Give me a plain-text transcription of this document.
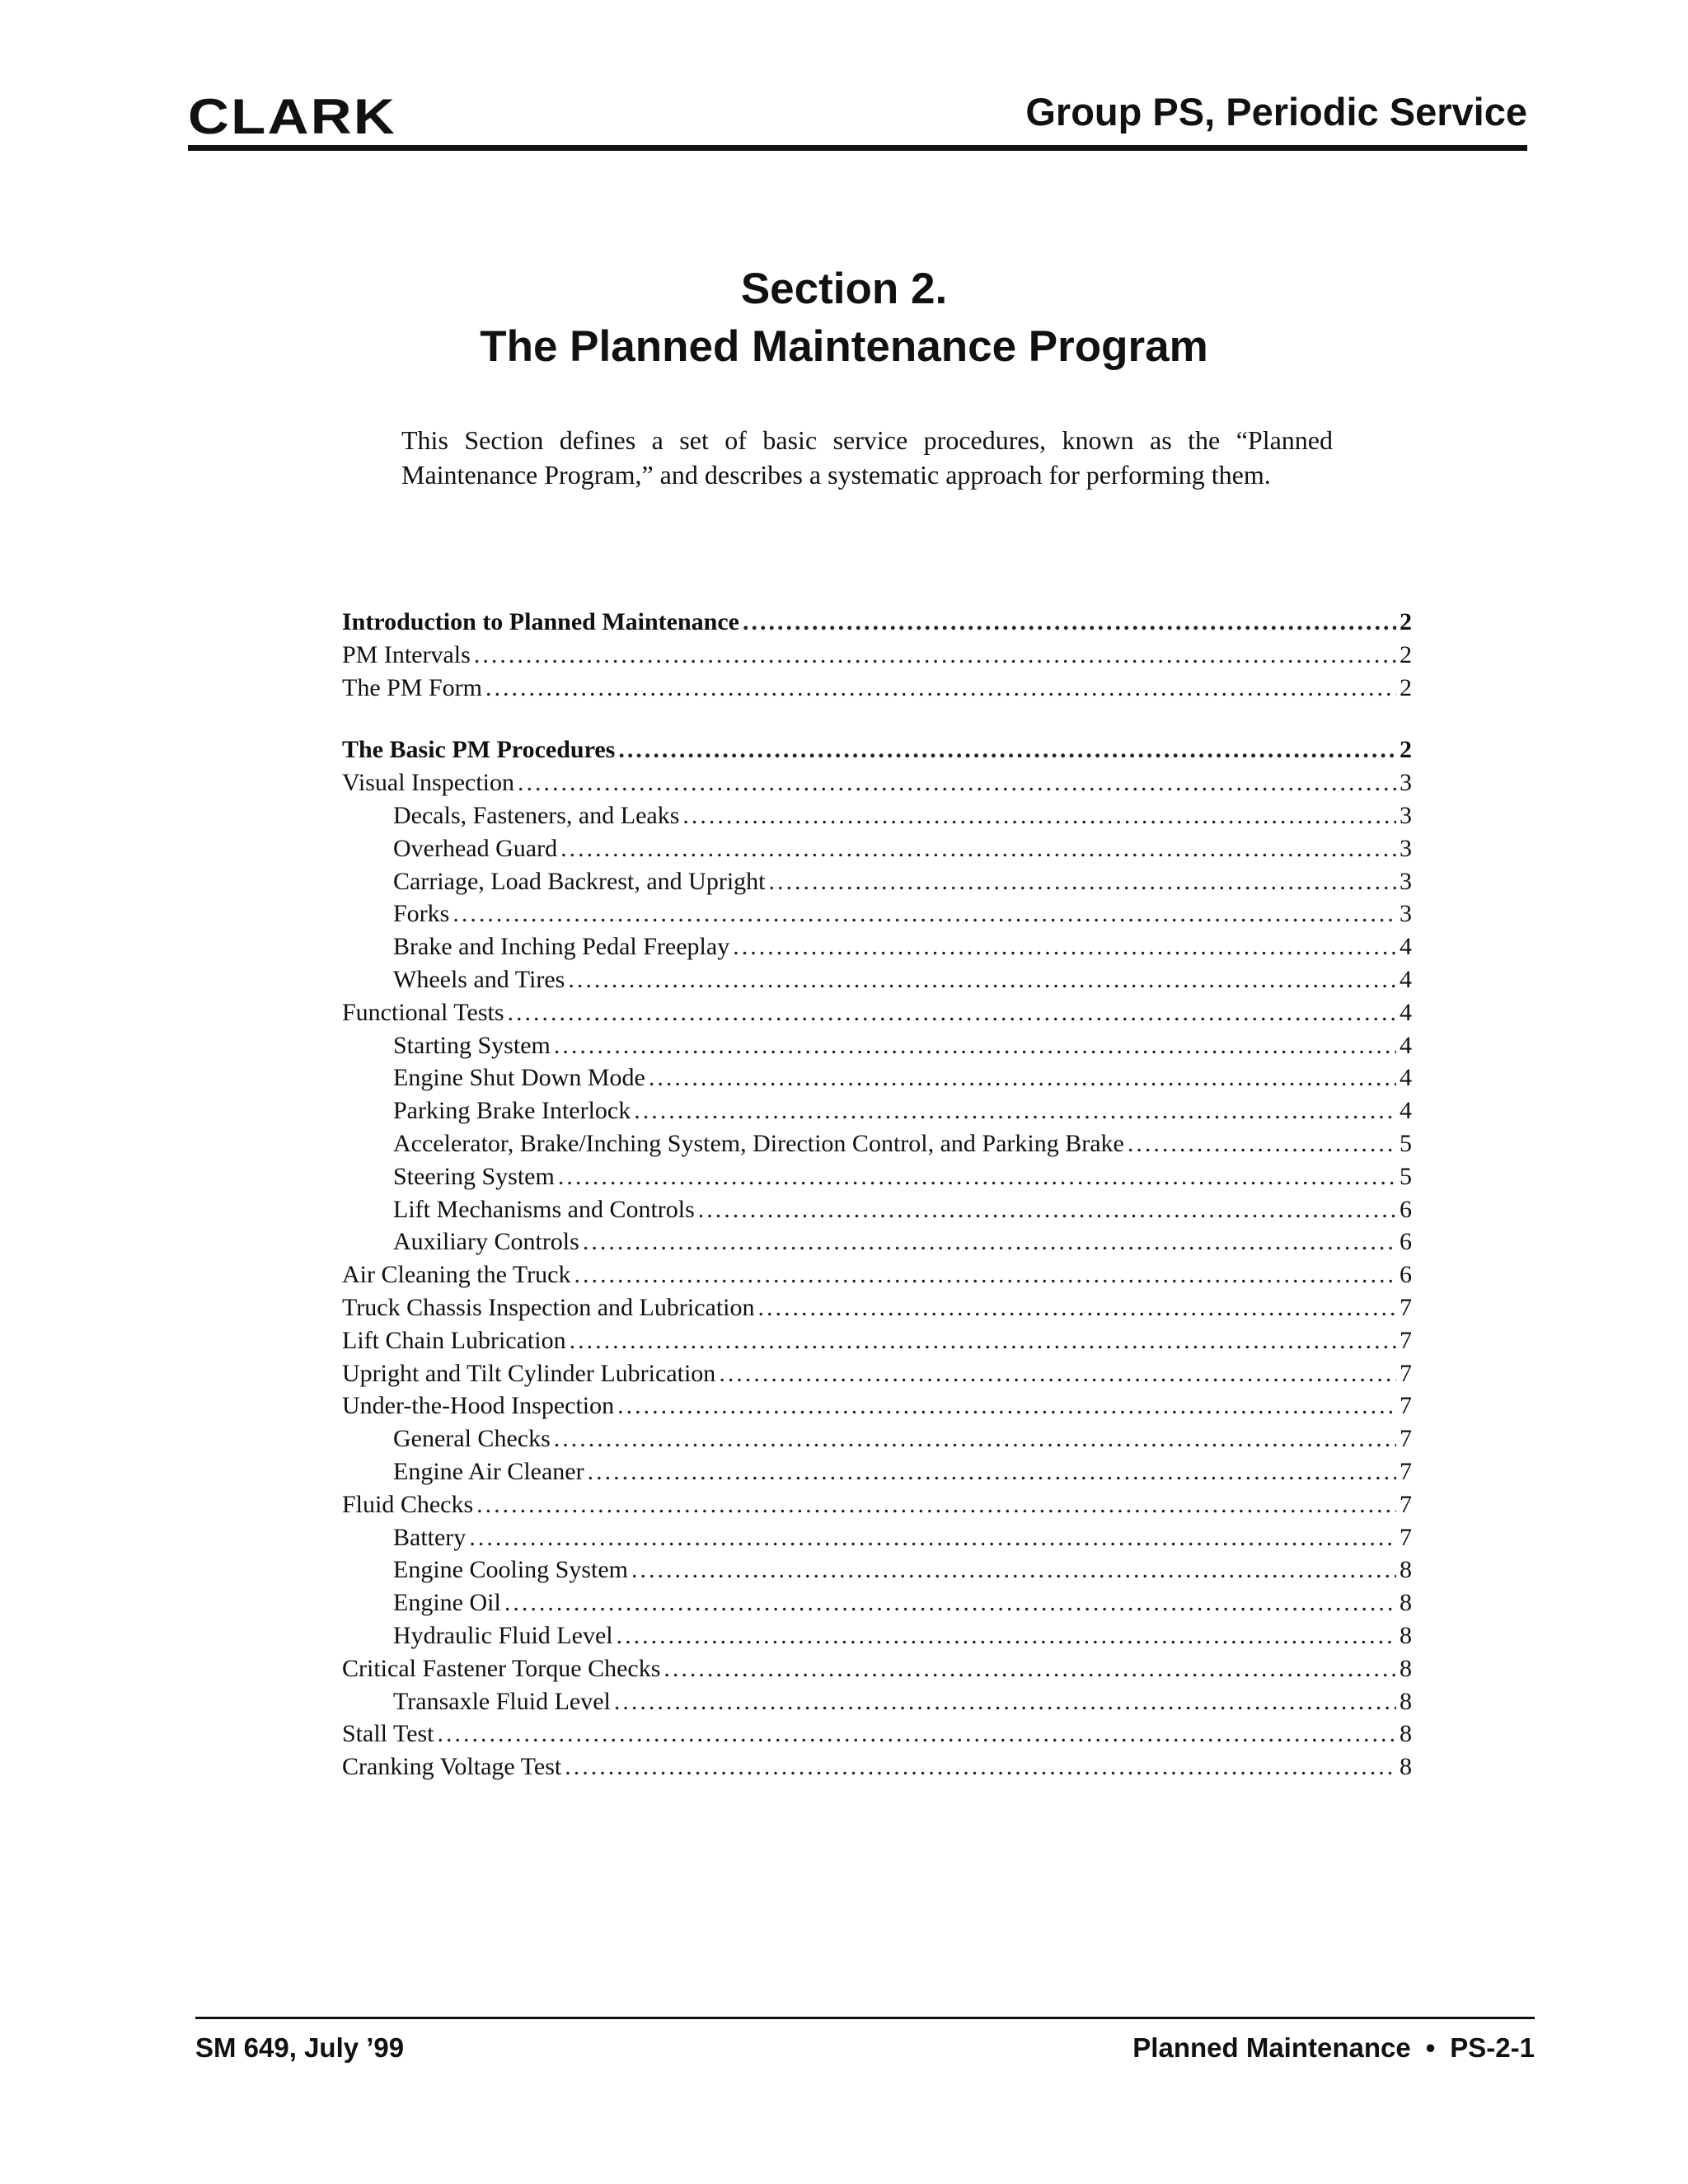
CLARK	Group PS, Periodic Service
Section 2.
The Planned Maintenance Program
This Section defines a set of basic service procedures, known as the “Planned Maintenance Program,” and describes a systematic approach for performing them.
Introduction to Planned Maintenance .....	2
PM Intervals .....	2
The PM Form .....	2
The Basic PM Procedures .....	2
Visual Inspection .....	3
Decals, Fasteners, and Leaks .....	3
Overhead Guard .....	3
Carriage, Load Backrest, and Upright .....	3
Forks .....	3
Brake and Inching Pedal Freeplay .....	4
Wheels and Tires .....	4
Functional Tests .....	4
Starting System .....	4
Engine Shut Down Mode .....	4
Parking Brake Interlock .....	4
Accelerator, Brake/Inching System, Direction Control, and Parking Brake .....	5
Steering System .....	5
Lift Mechanisms and Controls .....	6
Auxiliary Controls .....	6
Air Cleaning the Truck .....	6
Truck Chassis Inspection and Lubrication .....	7
Lift Chain Lubrication .....	7
Upright and Tilt Cylinder Lubrication .....	7
Under-the-Hood Inspection .....	7
General Checks .....	7
Engine Air Cleaner .....	7
Fluid Checks .....	7
Battery .....	7
Engine Cooling System .....	8
Engine Oil .....	8
Hydraulic Fluid Level .....	8
Critical Fastener Torque Checks .....	8
Transaxle Fluid Level .....	8
Stall Test .....	8
Cranking Voltage Test .....	8
SM 649, July ’99	Planned Maintenance • PS-2-1
